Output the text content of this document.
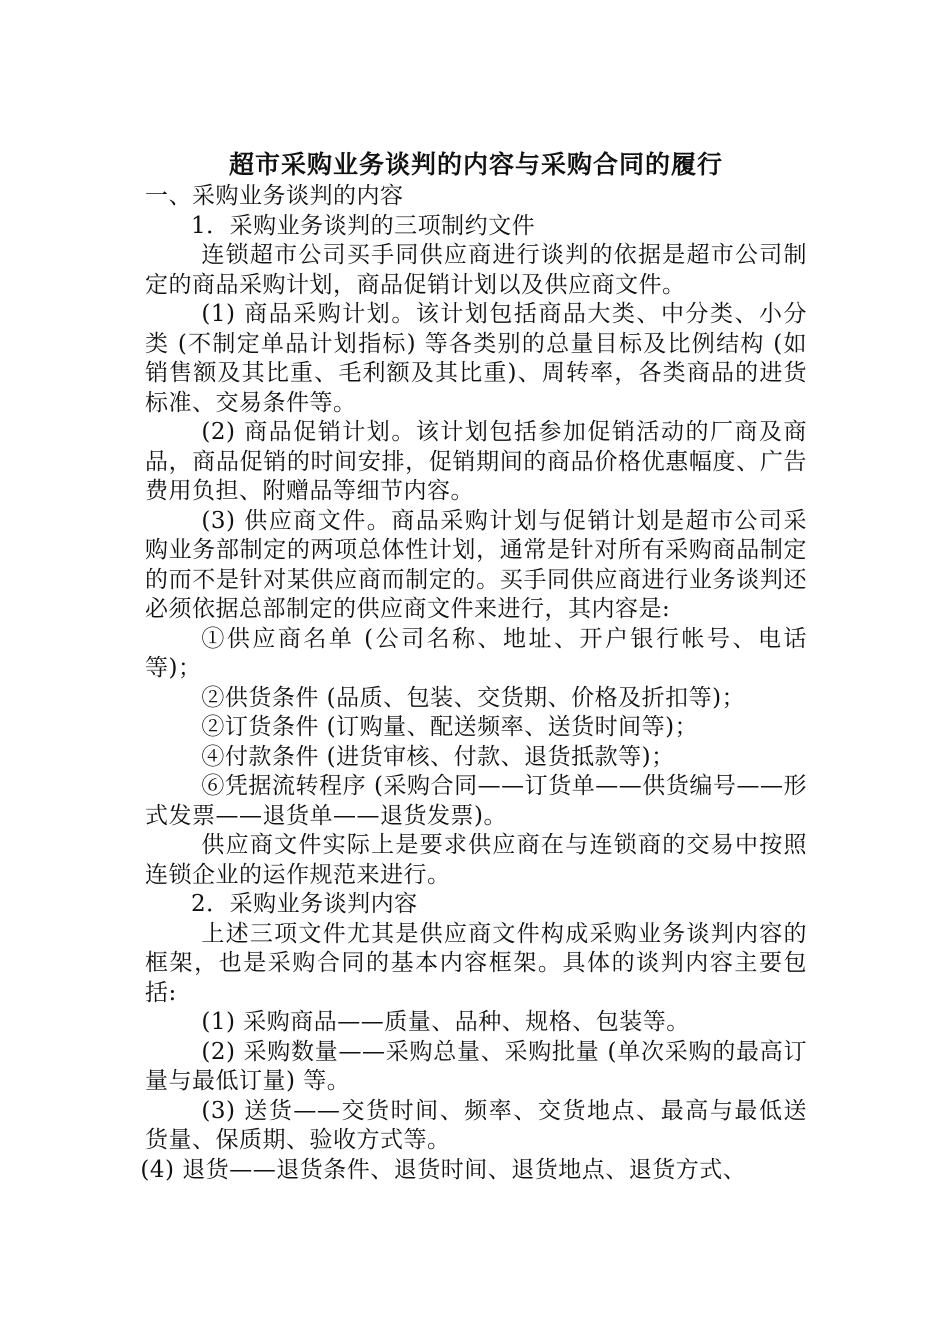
超市采购业务谈判的内容与采购合同的履行

一、采购业务谈判的内容

1．采购业务谈判的三项制约文件

连锁超市公司买手同供应商进行谈判的依据是超市公司制定的商品采购计划，商品促销计划以及供应商文件。

(1) 商品采购计划。该计划包括商品大类、中分类、小分类 (不制定单品计划指标) 等各类别的总量目标及比例结构 (如销售额及其比重、毛利额及其比重)、周转率，各类商品的进货标准、交易条件等。

(2) 商品促销计划。该计划包括参加促销活动的厂商及商品，商品促销的时间安排，促销期间的商品价格优惠幅度、广告费用负担、附赠品等细节内容。

(3) 供应商文件。商品采购计划与促销计划是超市公司采购业务部制定的两项总体性计划，通常是针对所有采购商品制定的而不是针对某供应商而制定的。买手同供应商进行业务谈判还必须依据总部制定的供应商文件来进行，其内容是:

①供应商名单 (公司名称、地址、开户银行帐号、电话等)；

②供货条件 (品质、包装、交货期、价格及折扣等)；

②订货条件 (订购量、配送频率、送货时间等)；

④付款条件 (进货审核、付款、退货抵款等)；

⑥凭据流转程序 (采购合同——订货单——供货编号——形式发票——退货单——退货发票)。

供应商文件实际上是要求供应商在与连锁商的交易中按照连锁企业的运作规范来进行。

2．采购业务谈判内容

上述三项文件尤其是供应商文件构成采购业务谈判内容的框架，也是采购合同的基本内容框架。具体的谈判内容主要包括:

(1) 采购商品——质量、品种、规格、包装等。

(2) 采购数量——采购总量、采购批量 (单次采购的最高订量与最低订量) 等。

(3) 送货——交货时间、频率、交货地点、最高与最低送货量、保质期、验收方式等。

(4) 退货——退货条件、退货时间、退货地点、退货方式、
